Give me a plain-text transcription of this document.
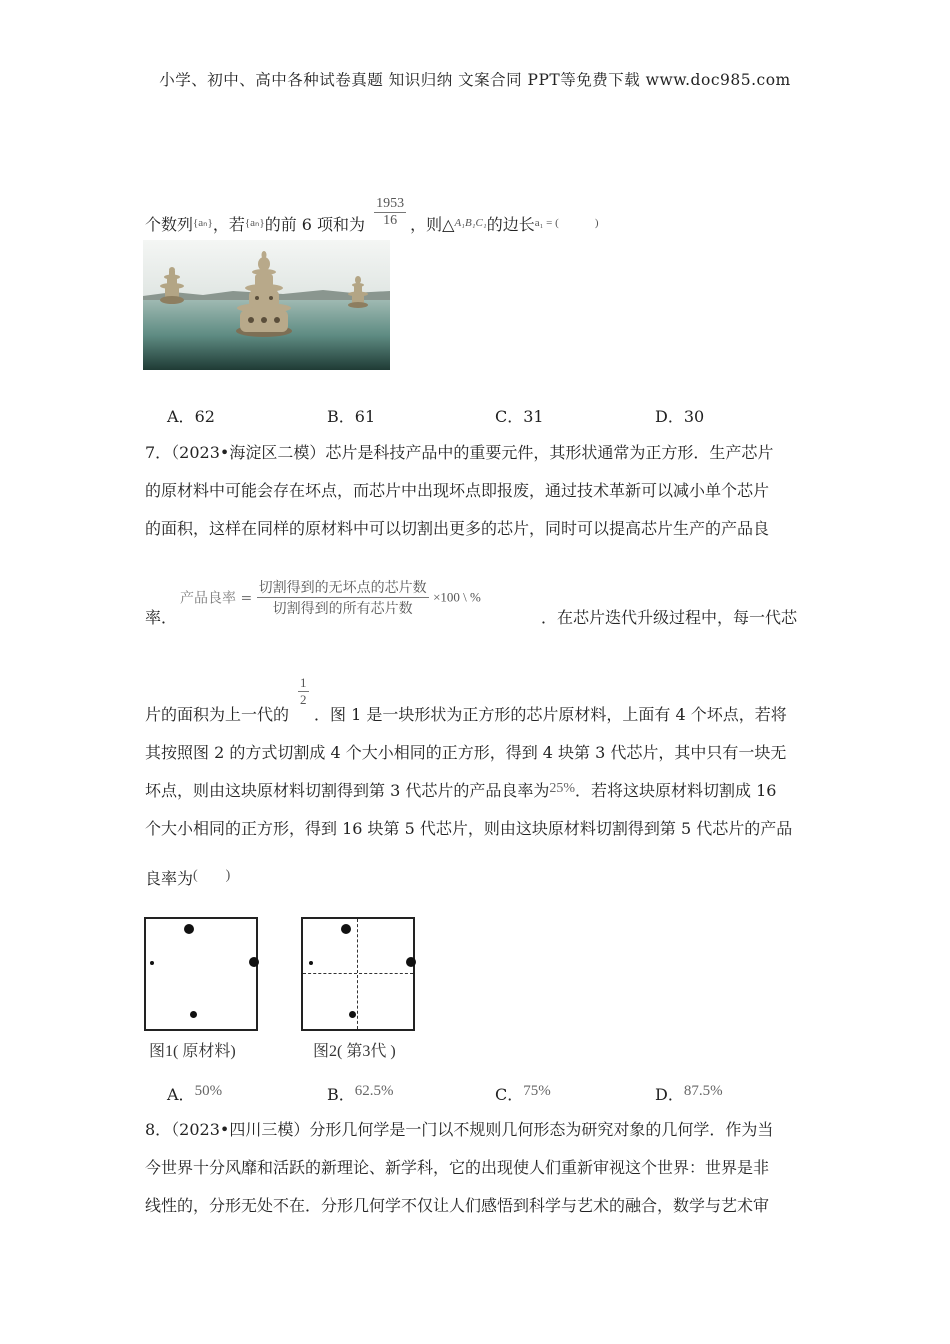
小学、初中、高中各种试卷真题 知识归纳 文案合同 PPT等免费下载 www.doc985.com
个数列$^{\{a_n\}}$，若$^{\{a_n\}}$的前 6 项和为 $\frac{1953}{16}$ ，则△$^{A_1B_1C_1}$的边长$^{a_1 = (}$	)
A．62	B．61	C．31	D．30
7．（2023•海淀区二模）芯片是科技产品中的重要元件，其形状通常为正方形．生产芯片
的原材料中可能会存在坏点，而芯片中出现坏点即报废，通过技术革新可以减小单个芯片
的面积，这样在同样的原材料中可以切割出更多的芯片，同时可以提高芯片生产的产品良
率．
产品良率 = $\frac{\text{切割得到的无坏点的芯片数}}{\text{切割得到的所有芯片数}} \times 100$ \ %
．在芯片迭代升级过程中，每一代芯
$\frac{1}{2}$
片的面积为上一代的 ．图 1 是一块形状为正方形的芯片原材料，上面有 4 个坏点，若将
其按照图 2 的方式切割成 4 个大小相同的正方形，得到 4 块第 3 代芯片，其中只有一块无
坏点，则由这块原材料切割得到第 3 代芯片的产品良率为25%．若将这块原材料切割成 16
个大小相同的正方形，得到 16 块第 5 代芯片，则由这块原材料切割得到第 5 代芯片的产品
良率为(        )
图1( 原材料)	图2( 第3代 )
A．50%	B．62.5%	C．75%	D．87.5%
8．（2023•四川三模）分形几何学是一门以不规则几何形态为研究对象的几何学．作为当
今世界十分风靡和活跃的新理论、新学科，它的出现使人们重新审视这个世界：世界是非
线性的，分形无处不在．分形几何学不仅让人们感悟到科学与艺术的融合，数学与艺术审
